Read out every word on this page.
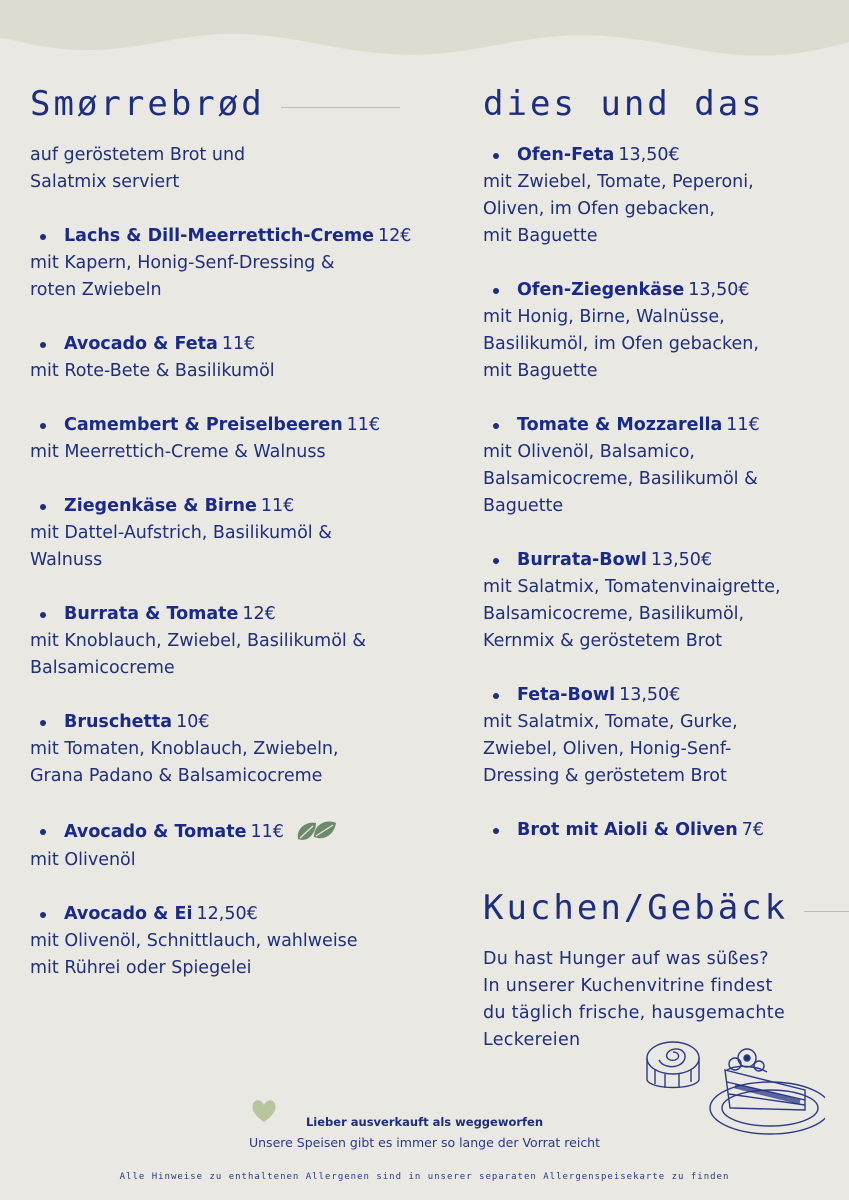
Smørrebrød
auf geröstetem Brot und
Salatmix serviert
Lachs & Dill-Meerrettich-Creme 12€
mit Kapern, Honig-Senf-Dressing &
roten Zwiebeln
Avocado & Feta 11€
mit Rote-Bete & Basilikumöl
Camembert & Preiselbeeren 11€
mit Meerrettich-Creme & Walnuss
Ziegenkäse & Birne 11€
mit Dattel-Aufstrich, Basilikumöl &
Walnuss
Burrata & Tomate 12€
mit Knoblauch, Zwiebel, Basilikumöl &
Balsamicocreme
Bruschetta 10€
mit Tomaten, Knoblauch, Zwiebeln,
Grana Padano & Balsamicocreme
Avocado & Tomate 11€
mit Olivenöl
Avocado & Ei 12,50€
mit Olivenöl, Schnittlauch, wahlweise
mit Rührei oder Spiegelei
dies und das
Ofen-Feta 13,50€
mit Zwiebel, Tomate, Peperoni,
Oliven, im Ofen gebacken,
mit Baguette
Ofen-Ziegenkäse 13,50€
mit Honig, Birne, Walnüsse,
Basilikumöl, im Ofen gebacken,
mit Baguette
Tomate & Mozzarella 11€
mit Olivenöl, Balsamico,
Balsamicocreme, Basilikumöl &
Baguette
Burrata-Bowl 13,50€
mit Salatmix, Tomatenvinaigrette,
Balsamicocreme, Basilikumöl,
Kernmix & geröstetem Brot
Feta-Bowl 13,50€
mit Salatmix, Tomate, Gurke,
Zwiebel, Oliven, Honig-Senf-
Dressing & geröstetem Brot
Brot mit Aioli & Oliven 7€
Kuchen/Gebäck
Du hast Hunger auf was süßes?
In unserer Kuchenvitrine findest
du täglich frische, hausgemachte
Leckereien
Lieber ausverkauft als weggeworfen
Unsere Speisen gibt es immer so lange der Vorrat reicht
Alle Hinweise zu enthaltenen Allergenen sind in unserer separaten Allergenspeisekarte zu finden
